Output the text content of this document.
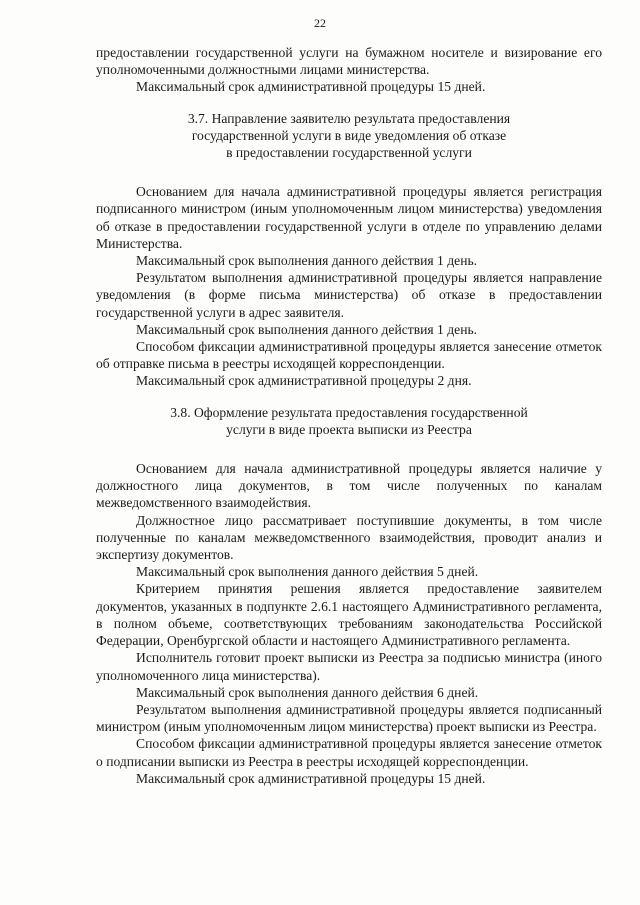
22

предоставлении государственной услуги на бумажном носителе и визирование его уполномоченными должностными лицами министерства.

Максимальный срок административной процедуры 15 дней.

3.7. Направление заявителю результата предоставления

государственной услуги в виде уведомления об отказе

в предоставлении государственной услуги

Основанием для начала административной процедуры является регистрация подписанного министром (иным уполномоченным лицом министерства) уведомления об отказе в предоставлении государственной услуги в отделе по управлению делами Министерства.

Максимальный срок выполнения данного действия 1 день.

Результатом выполнения административной процедуры является направление уведомления (в форме письма министерства) об отказе в предоставлении государственной услуги в адрес заявителя.

Максимальный срок выполнения данного действия 1 день.

Способом фиксации административной процедуры является занесение отметок об отправке письма в реестры исходящей корреспонденции.

Максимальный срок административной процедуры 2 дня.

3.8. Оформление результата предоставления государственной

услуги в виде проекта выписки из Реестра

Основанием для начала административной процедуры является наличие у должностного лица документов, в том числе полученных по каналам межведомственного взаимодействия.

Должностное лицо рассматривает поступившие документы, в том числе полученные по каналам межведомственного взаимодействия, проводит анализ и экспертизу документов.

Максимальный срок выполнения данного действия 5 дней.

Критерием принятия решения является предоставление заявителем документов, указанных в подпункте 2.6.1 настоящего Административного регламента, в полном объеме, соответствующих требованиям законодательства Российской Федерации, Оренбургской области и настоящего Административного регламента.

Исполнитель готовит проект выписки из Реестра за подписью министра (иного уполномоченного лица министерства).

Максимальный срок выполнения данного действия 6 дней.

Результатом выполнения административной процедуры является подписанный министром (иным уполномоченным лицом министерства) проект выписки из Реестра.

Способом фиксации административной процедуры является занесение отметок о подписании выписки из Реестра в реестры исходящей корреспонденции.

Максимальный срок административной процедуры 15 дней.
